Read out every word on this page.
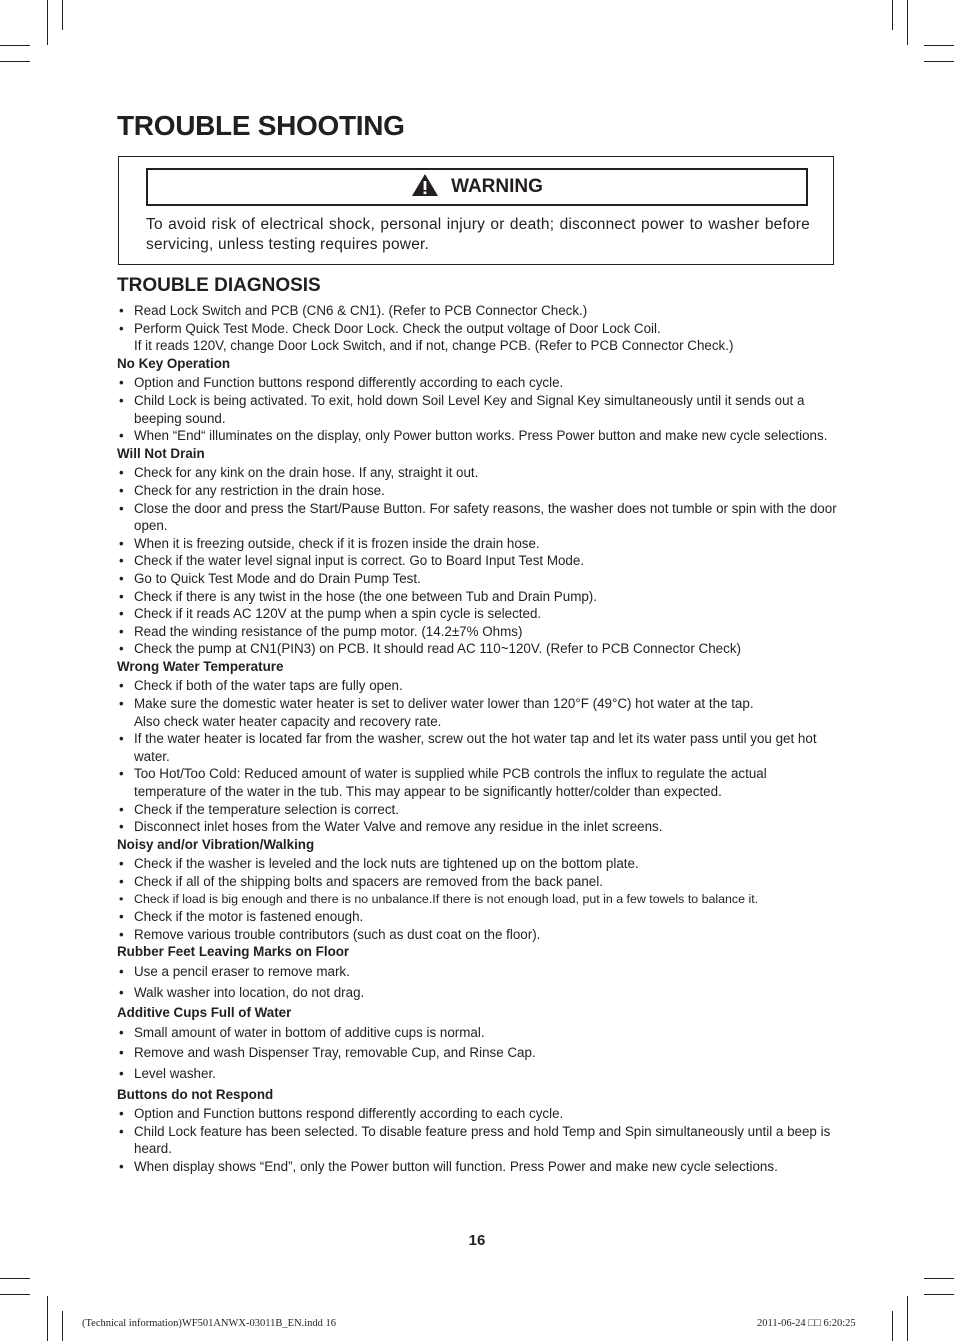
TROUBLE SHOOTING
WARNING

To avoid risk of electrical shock, personal injury or death; disconnect power to washer before servicing, unless testing requires power.

TROUBLE DIAGNOSIS
• Read Lock Switch and PCB (CN6 & CN1). (Refer to PCB Connector Check.)
• Perform Quick Test Mode. Check Door Lock. Check the output voltage of Door Lock Coil.
If it reads 120V, change Door Lock Switch, and if not, change PCB. (Refer to PCB Connector Check.)
No Key Operation
• Option and Function buttons respond differently according to each cycle.
• Child Lock is being activated. To exit, hold down Soil Level Key and Signal Key simultaneously until it sends out a beeping sound.
• When “End“ illuminates on the display, only Power button works. Press Power button and make new cycle selections.
Will Not Drain
• Check for any kink on the drain hose. If any, straight it out.
• Check for any restriction in the drain hose.
• Close the door and press the Start/Pause Button. For safety reasons, the washer does not tumble or spin with the door open.
• When it is freezing outside, check if it is frozen inside the drain hose.
• Check if the water level signal input is correct. Go to Board Input Test Mode.
• Go to Quick Test Mode and do Drain Pump Test.
• Check if there is any twist in the hose (the one between Tub and Drain Pump).
• Check if it reads AC 120V at the pump when a spin cycle is selected.
• Read the winding resistance of the pump motor. (14.2±7% Ohms)
• Check the pump at CN1(PIN3) on PCB. It should read AC 110~120V. (Refer to PCB Connector Check)
Wrong Water Temperature
• Check if both of the water taps are fully open.
• Make sure the domestic water heater is set to deliver water lower than 120°F (49°C) hot water at the tap.
Also check water heater capacity and recovery rate.
• If the water heater is located far from the washer, screw out the hot water tap and let its water pass until you get hot water.
• Too Hot/Too Cold: Reduced amount of water is supplied while PCB controls the influx to regulate the actual temperature of the water in the tub. This may appear to be significantly hotter/colder than expected.
• Check if the temperature selection is correct.
• Disconnect inlet hoses from the Water Valve and remove any residue in the inlet screens.
Noisy and/or Vibration/Walking
• Check if the washer is leveled and the lock nuts are tightened up on the bottom plate.
• Check if all of the shipping bolts and spacers are removed from the back panel.
• Check if load is big enough and there is no unbalance.If there is not enough load, put in a few towels to balance it.
• Check if the motor is fastened enough.
• Remove various trouble contributors (such as dust coat on the floor).
Rubber Feet Leaving Marks on Floor
• Use a pencil eraser to remove mark.
• Walk washer into location, do not drag.
Additive Cups Full of Water
• Small amount of water in bottom of additive cups is normal.
• Remove and wash Dispenser Tray, removable Cup, and Rinse Cap.
• Level washer.
Buttons do not Respond
• Option and Function buttons respond differently according to each cycle.
• Child Lock feature has been selected. To disable feature press and hold Temp and Spin simultaneously until a beep is heard.
• When display shows “End”, only the Power button will function. Press Power and make new cycle selections.
16
(Technical information)WF501ANWX-03011B_EN.indd 16	2011-06-24 □□ 6:20:25
